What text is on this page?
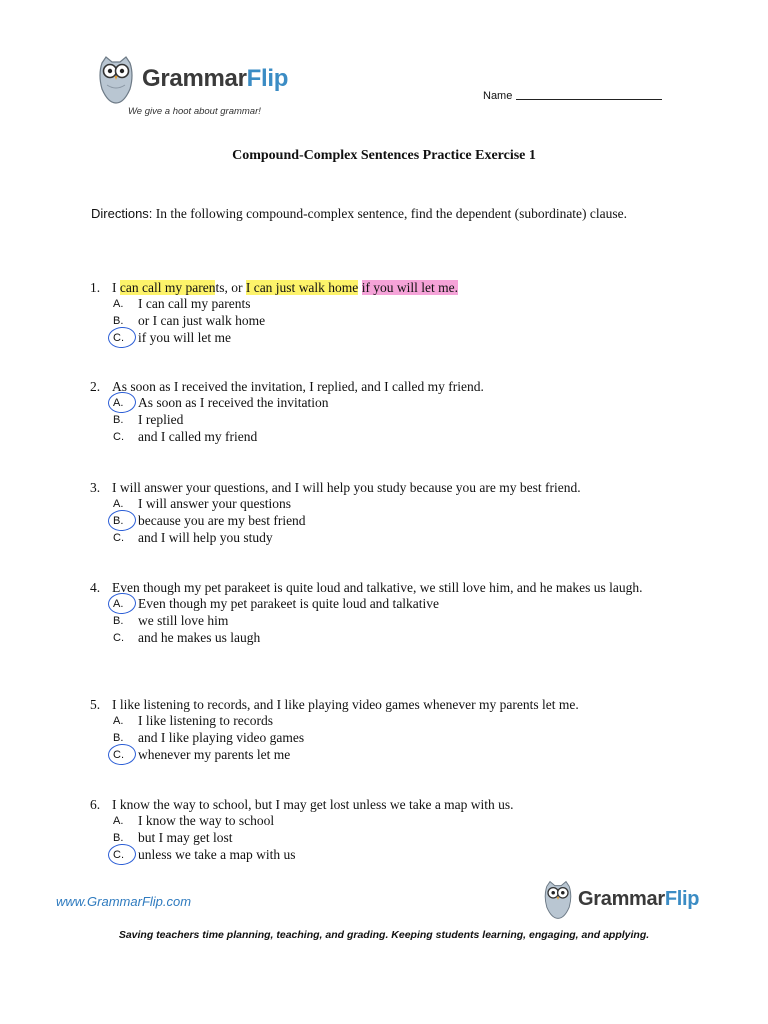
GrammarFlip
We give a hoot about grammar!
Name
Compound-Complex Sentences Practice Exercise 1
Directions: In the following compound-complex sentence, find the dependent (subordinate) clause.
1. I can call my parents, or I can just walk home if you will let me.
A. I can call my parents
B. or I can just walk home
C. if you will let me
2. As soon as I received the invitation, I replied, and I called my friend.
A. As soon as I received the invitation
B. I replied
C. and I called my friend
3. I will answer your questions, and I will help you study because you are my best friend.
A. I will answer your questions
B. because you are my best friend
C. and I will help you study
4. Even though my pet parakeet is quite loud and talkative, we still love him, and he makes us laugh.
A. Even though my pet parakeet is quite loud and talkative
B. we still love him
C. and he makes us laugh
5. I like listening to records, and I like playing video games whenever my parents let me.
A. I like listening to records
B. and I like playing video games
C. whenever my parents let me
6. I know the way to school, but I may get lost unless we take a map with us.
A. I know the way to school
B. but I may get lost
C. unless we take a map with us
www.GrammarFlip.com	GrammarFlip
Saving teachers time planning, teaching, and grading. Keeping students learning, engaging, and applying.
